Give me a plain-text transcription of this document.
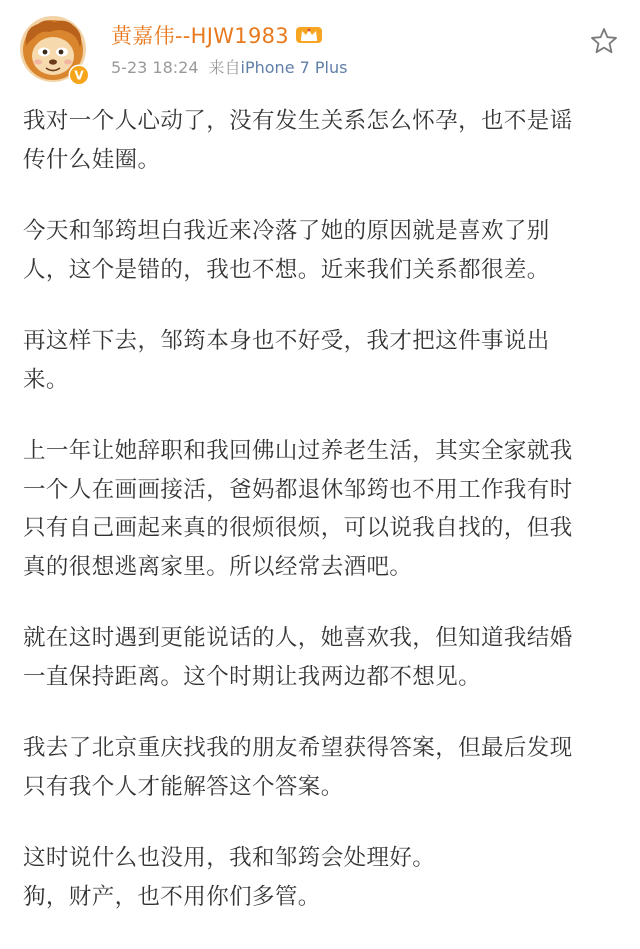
V
黄嘉伟--HJW1983
5-23 18:24 来自iPhone 7 Plus

我对一个人心动了，没有发生关系怎么怀孕，也不是谣
传什么娃圈。

今天和邹筠坦白我近来冷落了她的原因就是喜欢了别
人，这个是错的，我也不想。近来我们关系都很差。

再这样下去，邹筠本身也不好受，我才把这件事说出
来。

上一年让她辞职和我回佛山过养老生活，其实全家就我
一个人在画画接活，爸妈都退休邹筠也不用工作我有时
只有自己画起来真的很烦很烦，可以说我自找的，但我
真的很想逃离家里。所以经常去酒吧。

就在这时遇到更能说话的人，她喜欢我，但知道我结婚
一直保持距离。这个时期让我两边都不想见。

我去了北京重庆找我的朋友希望获得答案，但最后发现
只有我个人才能解答这个答案。

这时说什么也没用，我和邹筠会处理好。
狗，财产，也不用你们多管。
